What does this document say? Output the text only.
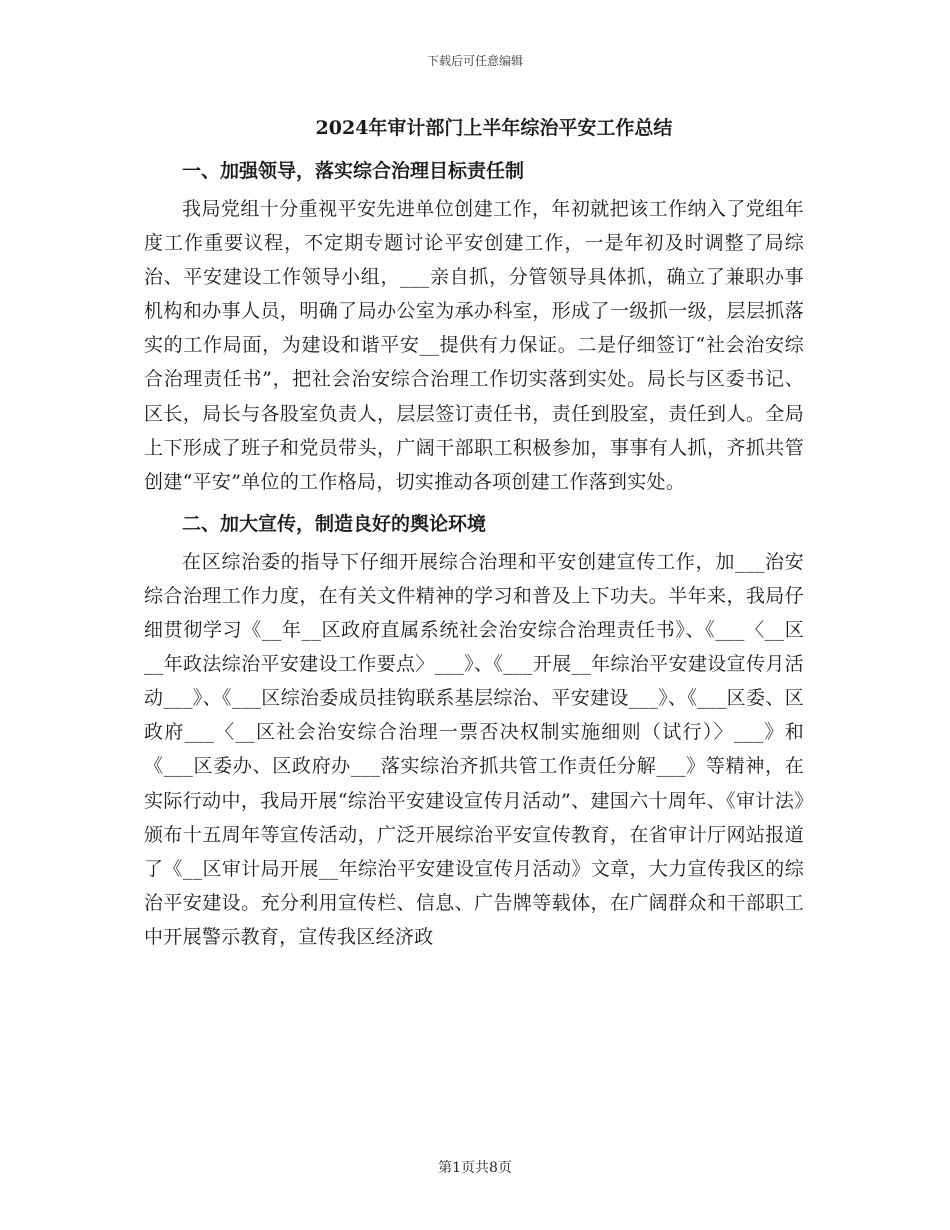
下载后可任意编辑
2024年审计部门上半年综治平安工作总结
一、加强领导，落实综合治理目标责任制

我局党组十分重视平安先进单位创建工作，年初就把该工作纳入了党组年度工作重要议程，不定期专题讨论平安创建工作，一是年初及时调整了局综治、平安建设工作领导小组，___亲自抓，分管领导具体抓，确立了兼职办事机构和办事人员，明确了局办公室为承办科室，形成了一级抓一级，层层抓落实的工作局面，为建设和谐平安__提供有力保证。二是仔细签订“社会治安综合治理责任书”，把社会治安综合治理工作切实落到实处。局长与区委书记、区长，局长与各股室负责人，层层签订责任书，责任到股室，责任到人。全局上下形成了班子和党员带头，广阔干部职工积极参加，事事有人抓，齐抓共管创建“平安”单位的工作格局，切实推动各项创建工作落到实处。

二、加大宣传，制造良好的舆论环境

在区综治委的指导下仔细开展综合治理和平安创建宣传工作，加___治安综合治理工作力度，在有关文件精神的学习和普及上下功夫。半年来，我局仔细贯彻学习《__年__区政府直属系统社会治安综合治理责任书》、《___〈__区__年政法综治平安建设工作要点〉___》、《___开展__年综治平安建设宣传月活动___》、《___区综治委成员挂钩联系基层综治、平安建设___》、《___区委、区政府___〈__区社会治安综合治理一票否决权制实施细则（试行）〉___》和《___区委办、区政府办___落实综治齐抓共管工作责任分解___》等精神，在实际行动中，我局开展“综治平安建设宣传月活动”、建国六十周年、《审计法》颁布十五周年等宣传活动，广泛开展综治平安宣传教育，在省审计厅网站报道了《__区审计局开展__年综治平安建设宣传月活动》文章，大力宣传我区的综治平安建设。充分利用宣传栏、信息、广告牌等载体，在广阔群众和干部职工中开展警示教育，宣传我区经济政

第1页共8页
